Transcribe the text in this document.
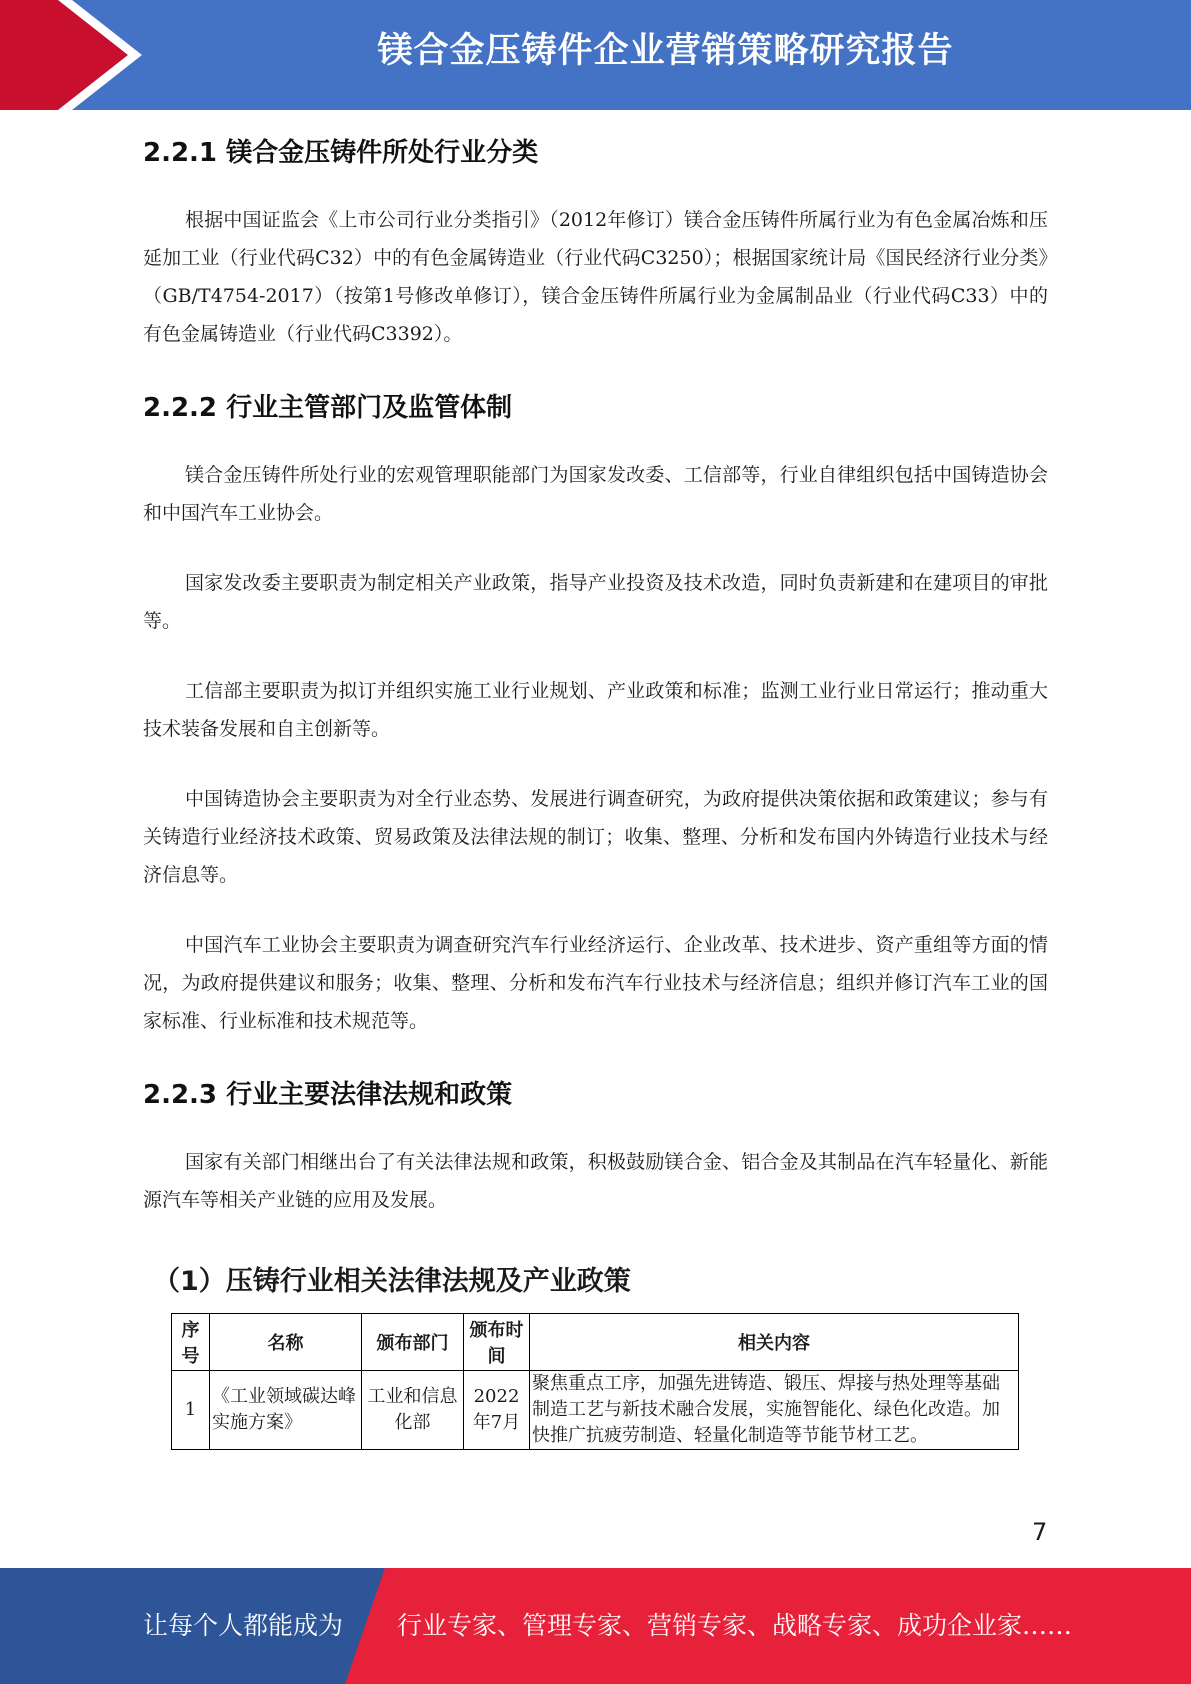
镁合金压铸件企业营销策略研究报告
2.2.1 镁合金压铸件所处行业分类

根据中国证监会《上市公司行业分类指引》（2012年修订）镁合金压铸件所属行业为有色金属冶炼和压延加工业（行业代码C32）中的有色金属铸造业（行业代码C3250）；根据国家统计局《国民经济行业分类》（GB/T4754-2017）（按第1号修改单修订），镁合金压铸件所属行业为金属制品业（行业代码C33）中的有色金属铸造业（行业代码C3392）。

2.2.2 行业主管部门及监管体制

镁合金压铸件所处行业的宏观管理职能部门为国家发改委、工信部等，行业自律组织包括中国铸造协会和中国汽车工业协会。

国家发改委主要职责为制定相关产业政策，指导产业投资及技术改造，同时负责新建和在建项目的审批等。

工信部主要职责为拟订并组织实施工业行业规划、产业政策和标准；监测工业行业日常运行；推动重大技术装备发展和自主创新等。

中国铸造协会主要职责为对全行业态势、发展进行调查研究，为政府提供决策依据和政策建议；参与有关铸造行业经济技术政策、贸易政策及法律法规的制订；收集、整理、分析和发布国内外铸造行业技术与经济信息等。

中国汽车工业协会主要职责为调查研究汽车行业经济运行、企业改革、技术进步、资产重组等方面的情况，为政府提供建议和服务；收集、整理、分析和发布汽车行业技术与经济信息；组织并修订汽车工业的国家标准、行业标准和技术规范等。

2.2.3 行业主要法律法规和政策

国家有关部门相继出台了有关法律法规和政策，积极鼓励镁合金、铝合金及其制品在汽车轻量化、新能源汽车等相关产业链的应用及发展。

（1）压铸行业相关法律法规及产业政策
序号	名称	颁布部门	颁布时间	相关内容
1	《工业领域碳达峰实施方案》	工业和信息化部	2022年7月	聚焦重点工序，加强先进铸造、锻压、焊接与热处理等基础制造工艺与新技术融合发展，实施智能化、绿色化改造。加快推广抗疲劳制造、轻量化制造等节能节材工艺。
7
让每个人都能成为 行业专家、管理专家、营销专家、战略专家、成功企业家……
